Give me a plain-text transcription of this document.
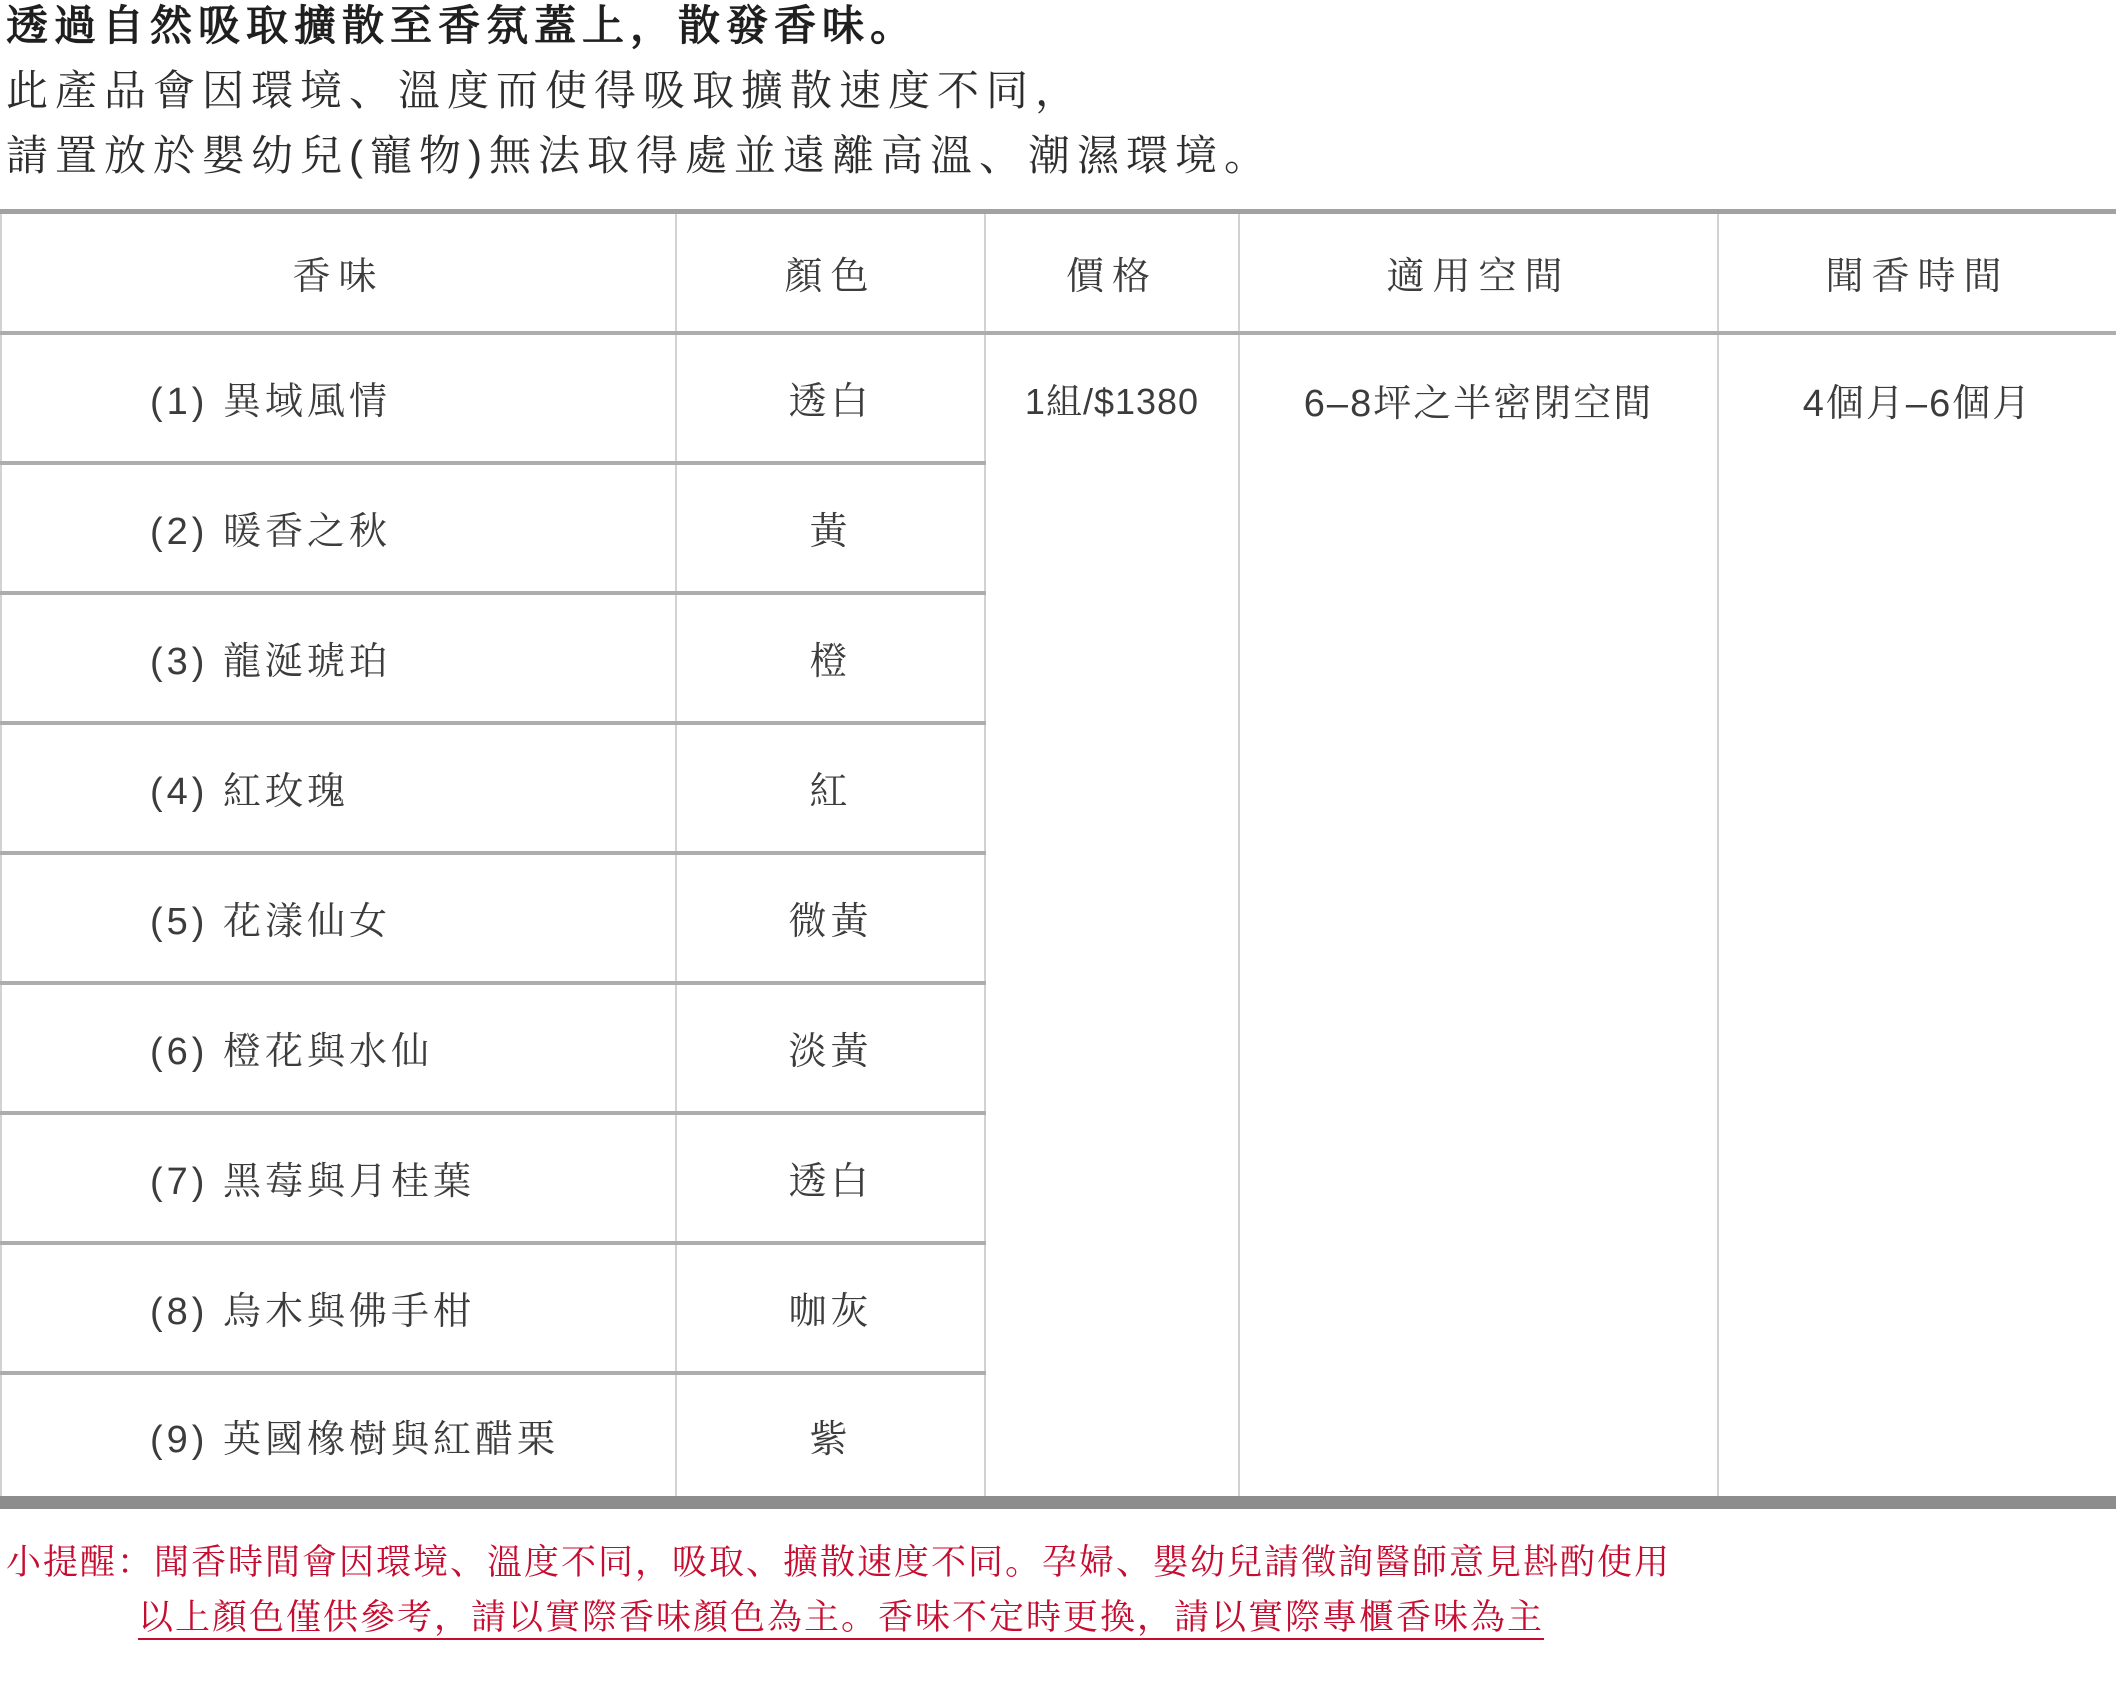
透過自然吸取擴散至香氛蓋上，散發香味。

此產品會因環境、溫度而使得吸取擴散速度不同，

請置放於嬰幼兒(寵物)無法取得處並遠離高溫、潮濕環境。

香味	顏色	價格	適用空間	聞香時間
(1) 異域風情	透白	1組/$1380	6–8坪之半密閉空間	4個月–6個月

(2) 暖香之秋	黃			
(3) 龍涎琥珀	橙			
(4) 紅玫瑰	紅			
(5) 花漾仙女	微黃			
(6) 橙花與水仙	淡黃			
(7) 黑莓與月桂葉	透白			
(8) 烏木與佛手柑	咖灰			
(9) 英國橡樹與紅醋栗	紫			

小提醒：聞香時間會因環境、溫度不同，吸取、擴散速度不同。孕婦、嬰幼兒請徵詢醫師意見斟酌使用

以上顏色僅供參考，請以實際香味顏色為主。香味不定時更換，請以實際專櫃香味為主
